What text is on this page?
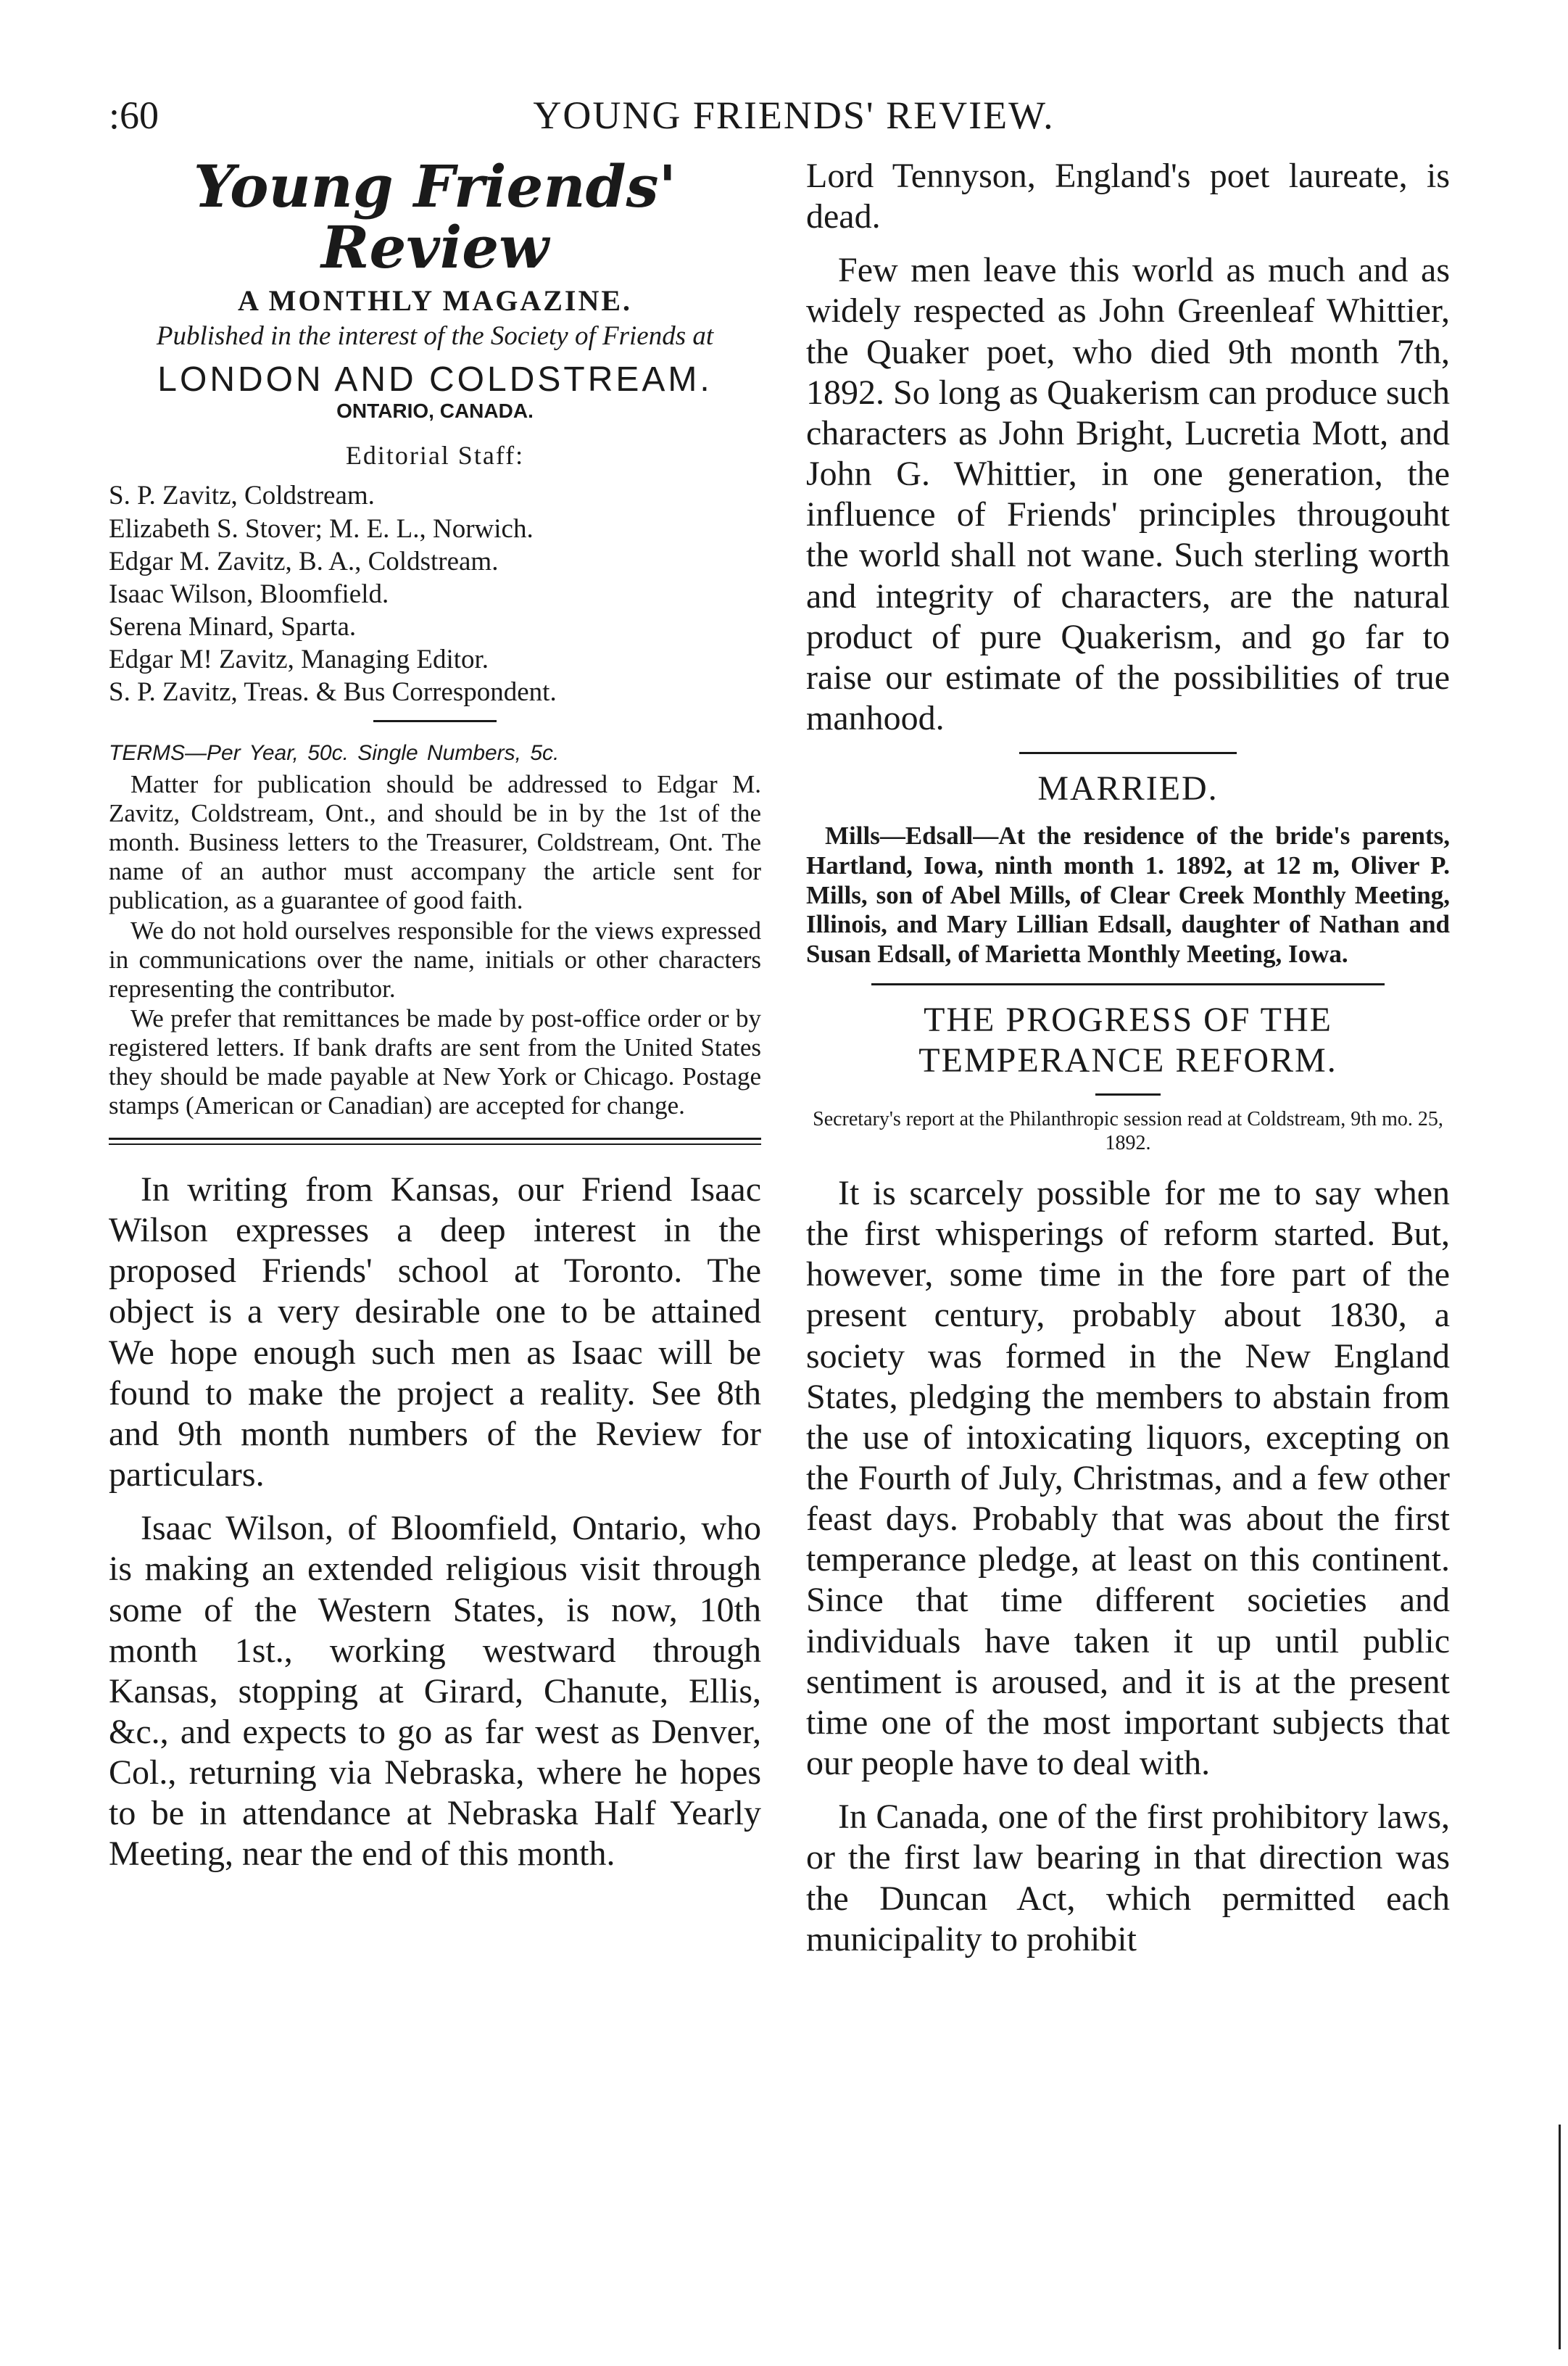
:60	YOUNG FRIENDS' REVIEW.
Young Friends' Review
A MONTHLY MAGAZINE.
Published in the interest of the Society of Friends at
LONDON AND COLDSTREAM.
ONTARIO, CANADA.
Editorial Staff:
S. P. Zavitz, Coldstream.
Elizabeth S. Stover; M. E. L., Norwich.
Edgar M. Zavitz, B. A., Coldstream.
Isaac Wilson, Bloomfield.
Serena Minard, Sparta.
Edgar M! Zavitz, Managing Editor.
S. P. Zavitz, Treas. & Bus Correspondent.
TERMS—Per Year, 50c. Single Numbers, 5c.

Matter for publication should be addressed to Edgar M. Zavitz, Coldstream, Ont., and should be in by the 1st of the month. Business letters to the Treasurer, Coldstream, Ont. The name of an author must accompany the article sent for publication, as a guarantee of good faith.

We do not hold ourselves responsible for the views expressed in communications over the name, initials or other characters representing the contributor.

We prefer that remittances be made by post-office order or by registered letters. If bank drafts are sent from the United States they should be made payable at New York or Chicago. Postage stamps (American or Canadian) are accepted for change.

In writing from Kansas, our Friend Isaac Wilson expresses a deep interest in the proposed Friends' school at Toronto. The object is a very desirable one to be attained We hope enough such men as Isaac will be found to make the project a reality. See 8th and 9th month numbers of the Review for particulars.

Isaac Wilson, of Bloomfield, Ontario, who is making an extended religious visit through some of the Western States, is now, 10th month 1st., working westward through Kansas, stopping at Girard, Chanute, Ellis, &c., and expects to go as far west as Denver, Col., returning via Nebraska, where he hopes to be in attendance at Nebraska Half Yearly Meeting, near the end of this month.

Lord Tennyson, England's poet laureate, is dead.

Few men leave this world as much and as widely respected as John Greenleaf Whittier, the Quaker poet, who died 9th month 7th, 1892. So long as Quakerism can produce such characters as John Bright, Lucretia Mott, and John G. Whittier, in one generation, the influence of Friends' principles througouht the world shall not wane. Such sterling worth and integrity of characters, are the natural product of pure Quakerism, and go far to raise our estimate of the possibilities of true manhood.

MARRIED.

Mills—Edsall—At the residence of the bride's parents, Hartland, Iowa, ninth month 1. 1892, at 12 m, Oliver P. Mills, son of Abel Mills, of Clear Creek Monthly Meeting, Illinois, and Mary Lillian Edsall, daughter of Nathan and Susan Edsall, of Marietta Monthly Meeting, Iowa.

THE PROGRESS OF THE TEMPERANCE REFORM.
Secretary's report at the Philanthropic session read at Coldstream, 9th mo. 25, 1892.

It is scarcely possible for me to say when the first whisperings of reform started. But, however, some time in the fore part of the present century, probably about 1830, a society was formed in the New England States, pledging the members to abstain from the use of intoxicating liquors, excepting on the Fourth of July, Christmas, and a few other feast days. Probably that was about the first temperance pledge, at least on this continent. Since that time different societies and individuals have taken it up until public sentiment is aroused, and it is at the present time one of the most important subjects that our people have to deal with.

In Canada, one of the first prohibitory laws, or the first law bearing in that direction was the Duncan Act, which permitted each municipality to prohibit
